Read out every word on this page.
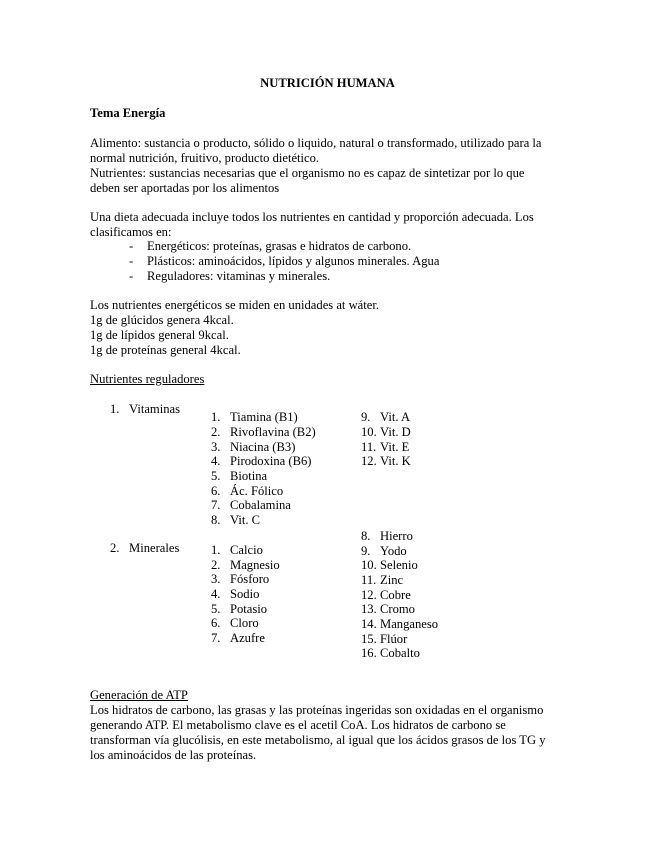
NUTRICIÓN HUMANA
Tema Energía
Alimento: sustancia o producto, sólido o liquido, natural o transformado, utilizado para la
normal nutrición, fruitivo, producto dietético.
Nutrientes: sustancias necesarias que el organismo no es capaz de sintetizar por lo que
deben ser aportadas por los alimentos
Una dieta adecuada incluye todos los nutrientes en cantidad y proporción adecuada. Los
clasificamos en:
- Energéticos: proteínas, grasas e hidratos de carbono.
- Plásticos: aminoácidos, lípidos y algunos minerales. Agua
- Reguladores: vitaminas y minerales.
Los nutrientes energéticos se miden en unidades at wáter.
1g de glúcidos genera 4kcal.
1g de lípidos general 9kcal.
1g de proteínas general 4kcal.
Nutrientes reguladores
1. Vitaminas
1. Tiamina (B1)
2. Rivoflavina (B2)
3. Niacina (B3)
4. Pirodoxina (B6)
5. Biotina
6. Ác. Fólico
7. Cobalamina
8. Vit. C
9. Vit. A
10. Vit. D
11. Vit. E
12. Vit. K
2. Minerales	1. Calcio
2. Magnesio
3. Fósforo
4. Sodio
5. Potasio
6. Cloro
7. Azufre
8. Hierro
9. Yodo
10. Selenio
11. Zinc
12. Cobre
13. Cromo
14. Manganeso
15. Flúor
16. Cobalto
Generación de ATP
Los hidratos de carbono, las grasas y las proteínas ingeridas son oxidadas en el organismo
generando ATP. El metabolismo clave es el acetil CoA. Los hidratos de carbono se
transforman vía glucólisis, en este metabolismo, al igual que los ácidos grasos de los TG y
los aminoácidos de las proteínas.
